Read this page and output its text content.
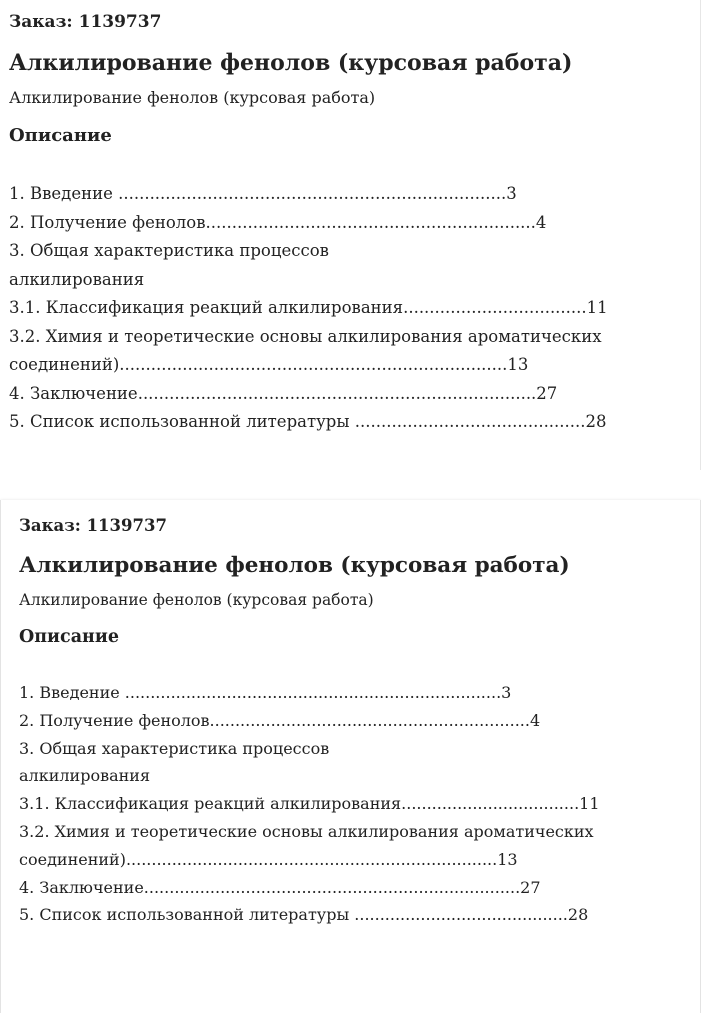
Заказ: 1139737

Алкилирование фенолов (курсовая работа)

Алкилирование фенолов (курсовая работа)

Описание
1. Введение ..........................................................................3
2. Получение фенолов...............................................................4
3. Общая характеристика процессов
алкилирования
3.1. Классификация реакций алкилирования...................................11
3.2. Химия и теоретические основы алкилирования ароматических
соединений)..........................................................................13
4. Заключение............................................................................27
5. Список использованной литературы ............................................28

Заказ: 1139737

Алкилирование фенолов (курсовая работа)

Алкилирование фенолов (курсовая работа)

Описание
1. Введение ..........................................................................3
2. Получение фенолов...............................................................4
3. Общая характеристика процессов
алкилирования
3.1. Классификация реакций алкилирования...................................11
3.2. Химия и теоретические основы алкилирования ароматических
соединений).........................................................................13
4. Заключение..........................................................................27
5. Список использованной литературы ..........................................28
